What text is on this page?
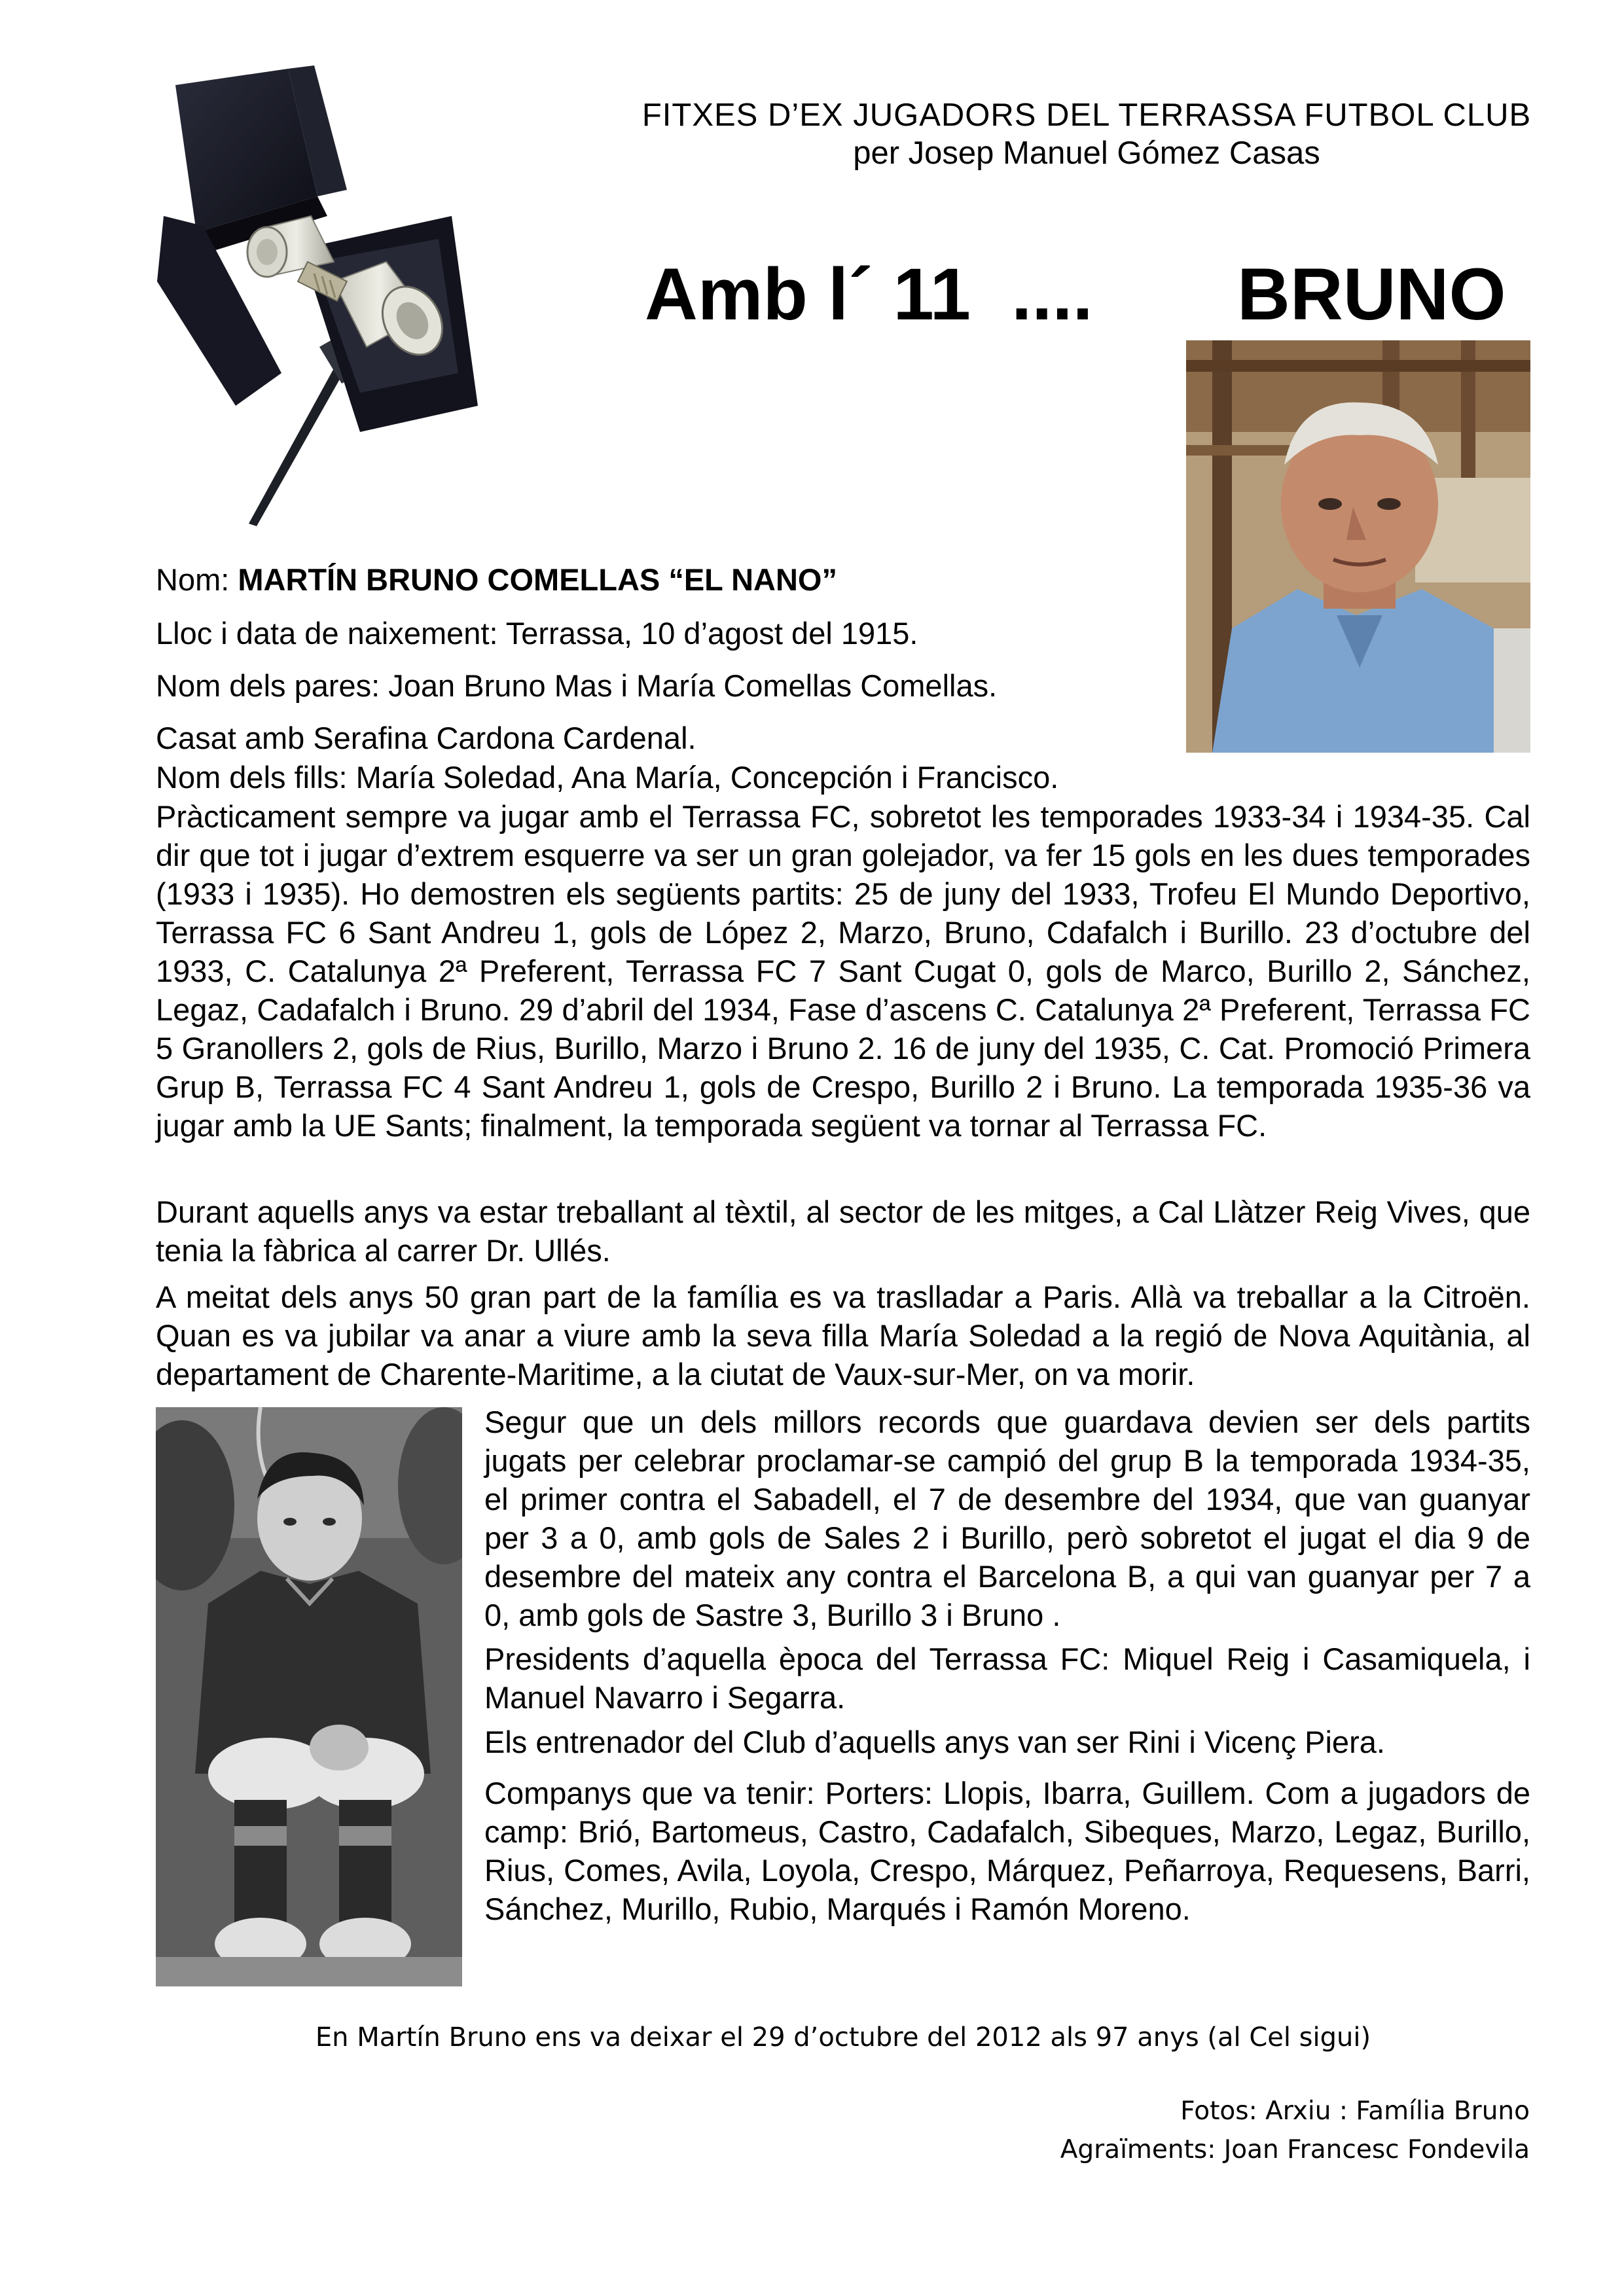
FITXES D’EX JUGADORS DEL TERRASSA FUTBOL CLUB
per Josep Manuel Gómez Casas
Amb l´ 11  .... BRUNO
Nom: MARTÍN BRUNO COMELLAS “EL NANO”
Lloc i data de naixement: Terrassa, 10 d’agost del 1915.
Nom dels pares: Joan Bruno Mas i María Comellas Comellas.
Casat amb Serafina Cardona Cardenal.
Nom dels fills: María Soledad, Ana María, Concepción i Francisco.

Pràcticament sempre va jugar amb el Terrassa FC, sobretot les temporades 1933-34 i 1934-35. Cal dir que tot i jugar d’extrem esquerre va ser un gran golejador, va fer 15 gols en les dues temporades (1933 i 1935). Ho demostren els següents partits: 25 de juny del 1933, Trofeu El Mundo Deportivo, Terrassa FC 6 Sant Andreu 1, gols de López 2, Marzo, Bruno, Cdafalch i Burillo. 23 d’octubre del 1933, C. Catalunya 2ª Preferent, Terrassa FC 7 Sant Cugat 0, gols de Marco, Burillo 2, Sánchez, Legaz, Cadafalch i Bruno. 29 d’abril del 1934, Fase d’ascens C. Catalunya 2ª Preferent, Terrassa FC 5 Granollers 2, gols de Rius, Burillo, Marzo i Bruno 2. 16 de juny del 1935, C. Cat. Promoció Primera Grup B, Terrassa FC 4 Sant Andreu 1, gols de Crespo, Burillo 2 i Bruno. La temporada 1935-36 va jugar amb la UE Sants; finalment, la temporada següent va tornar al Terrassa FC.

Durant aquells anys va estar treballant al tèxtil, al sector de les mitges, a Cal Llàtzer Reig Vives, que tenia la fàbrica al carrer Dr. Ullés.

A meitat dels anys 50 gran part de la família es va traslladar a Paris. Allà va treballar a la Citroën. Quan es va jubilar va anar a viure amb la seva filla María Soledad a la regió de Nova Aquitània, al departament de Charente-Maritime, a la ciutat de Vaux-sur-Mer, on va morir.

Segur que un dels millors records que guardava devien ser dels partits jugats per celebrar proclamar-se campió del grup B la temporada 1934-35, el primer contra el Sabadell, el 7 de desembre del 1934, que van guanyar per 3 a 0, amb gols de Sales 2 i Burillo, però sobretot el jugat el dia 9 de desembre del mateix any contra el Barcelona B, a qui van guanyar per 7 a 0, amb gols de Sastre 3, Burillo 3 i Bruno .

Presidents d’aquella època del Terrassa FC: Miquel Reig i Casamiquela, i Manuel Navarro i Segarra.

Els entrenador del Club d’aquells anys van ser Rini i Vicenç Piera.

Companys que va tenir: Porters: Llopis, Ibarra, Guillem. Com a jugadors de camp: Brió, Bartomeus, Castro, Cadafalch, Sibeques, Marzo, Legaz, Burillo, Rius, Comes, Avila, Loyola, Crespo, Márquez, Peñarroya, Requesens, Barri, Sánchez, Murillo, Rubio, Marqués i Ramón Moreno.

En Martín Bruno ens va deixar el 29 d’octubre del 2012 als 97 anys (al Cel sigui)
Fotos: Arxiu : Família Bruno
Agraïments: Joan Francesc Fondevila
